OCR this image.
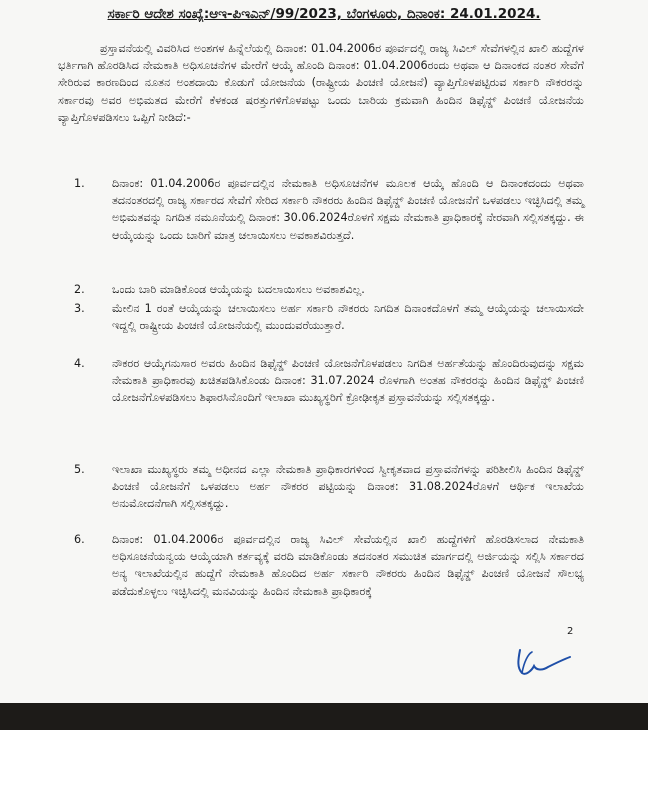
ಸರ್ಕಾರಿ ಆದೇಶ ಸಂಖ್ಯೆ:ಆಇ-ಪಿಇಎನ್/99/2023, ಬೆಂಗಳೂರು, ದಿನಾಂಕ: 24.01.2024.
ಪ್ರಸ್ತಾವನೆಯಲ್ಲಿ ವಿವರಿಸಿದ ಅಂಶಗಳ ಹಿನ್ನೆಲೆಯಲ್ಲಿ ದಿನಾಂಕ: 01.04.2006ರ ಪೂರ್ವದಲ್ಲಿ ರಾಜ್ಯ ಸಿವಿಲ್ ಸೇವೆಗಳಲ್ಲಿನ ಖಾಲಿ ಹುದ್ದೆಗಳ ಭರ್ತಿಗಾಗಿ ಹೊರಡಿಸಿದ ನೇಮಕಾತಿ ಅಧಿಸೂಚನೆಗಳ ಮೇರೆಗೆ ಆಯ್ಕೆ ಹೊಂದಿ ದಿನಾಂಕ: 01.04.2006ರಂದು ಅಥವಾ ಆ ದಿನಾಂಕದ ನಂತರ ಸೇವೆಗೆ ಸೇರಿರುವ ಕಾರಣದಿಂದ ನೂತನ ಅಂಶದಾಯಿ ಕೊಡುಗೆ ಯೋಜನೆಯ (ರಾಷ್ಟ್ರೀಯ ಪಿಂಚಣಿ ಯೋಜನೆ) ವ್ಯಾಪ್ತಿಗೊಳಪಟ್ಟಿರುವ ಸರ್ಕಾರಿ ನೌಕರರನ್ನು ಸರ್ಕಾರವು ಅವರ ಅಭಿಮತದ ಮೇರೆಗೆ ಕೆಳಕಂಡ ಷರತ್ತುಗಳಿಗೊಳಪಟ್ಟು ಒಂದು ಬಾರಿಯ ಕ್ರಮವಾಗಿ ಹಿಂದಿನ ಡಿಫೈನ್ಡ್ ಪಿಂಚಣಿ ಯೋಜನೆಯ ವ್ಯಾಪ್ತಿಗೊಳಪಡಿಸಲು ಒಪ್ಪಿಗೆ ನೀಡಿದೆ:-
1. ದಿನಾಂಕ: 01.04.2006ರ ಪೂರ್ವದಲ್ಲಿನ ನೇಮಕಾತಿ ಅಧಿಸೂಚನೆಗಳ ಮೂಲಕ ಆಯ್ಕೆ ಹೊಂದಿ ಆ ದಿನಾಂಕದಂದು ಅಥವಾ ತದನಂತರದಲ್ಲಿ ರಾಜ್ಯ ಸರ್ಕಾರದ ಸೇವೆಗೆ ಸೇರಿದ ಸರ್ಕಾರಿ ನೌಕರರು ಹಿಂದಿನ ಡಿಫೈನ್ಡ್ ಪಿಂಚಣಿ ಯೋಜನೆಗೆ ಒಳಪಡಲು ಇಚ್ಛಿಸಿದಲ್ಲಿ ತಮ್ಮ ಅಭಿಮತವನ್ನು ನಿಗದಿತ ನಮೂನೆಯಲ್ಲಿ ದಿನಾಂಕ: 30.06.2024ರೊಳಗೆ ಸಕ್ಷಮ ನೇಮಕಾತಿ ಪ್ರಾಧಿಕಾರಕ್ಕೆ ನೇರವಾಗಿ ಸಲ್ಲಿಸತಕ್ಕದ್ದು. ಈ ಆಯ್ಕೆಯನ್ನು ಒಂದು ಬಾರಿಗೆ ಮಾತ್ರ ಚಲಾಯಿಸಲು ಅವಕಾಶವಿರುತ್ತದೆ.
2. ಒಂದು ಬಾರಿ ಮಾಡಿಕೊಂಡ ಆಯ್ಕೆಯನ್ನು ಬದಲಾಯಿಸಲು ಅವಕಾಶವಿಲ್ಲ.
3. ಮೇಲಿನ 1 ರಂತೆ ಆಯ್ಕೆಯನ್ನು ಚಲಾಯಿಸಲು ಅರ್ಹ ಸರ್ಕಾರಿ ನೌಕರರು ನಿಗದಿತ ದಿನಾಂಕದೊಳಗೆ ತಮ್ಮ ಆಯ್ಕೆಯನ್ನು ಚಲಾಯಿಸದೇ ಇದ್ದಲ್ಲಿ ರಾಷ್ಟ್ರೀಯ ಪಿಂಚಣಿ ಯೋಜನೆಯಲ್ಲಿ ಮುಂದುವರೆಯುತ್ತಾರೆ.
4. ನೌಕರರ ಆಯ್ಕೆಗನುಸಾರ ಅವರು ಹಿಂದಿನ ಡಿಫೈನ್ಡ್ ಪಿಂಚಣಿ ಯೋಜನೆಗೊಳಪಡಲು ನಿಗದಿತ ಅರ್ಹತೆಯನ್ನು ಹೊಂದಿರುವುದನ್ನು ಸಕ್ಷಮ ನೇಮಕಾತಿ ಪ್ರಾಧಿಕಾರವು ಖಚಿತಪಡಿಸಿಕೊಂಡು ದಿನಾಂಕ: 31.07.2024 ರೊಳಗಾಗಿ ಅಂತಹ ನೌಕರರನ್ನು ಹಿಂದಿನ ಡಿಫೈನ್ಡ್ ಪಿಂಚಣಿ ಯೋಜನೆಗೊಳಪಡಿಸಲು ಶಿಫಾರಸಿನೊಂದಿಗೆ ಇಲಾಖಾ ಮುಖ್ಯಸ್ಥರಿಗೆ ಕ್ರೋಢೀಕೃತ ಪ್ರಸ್ತಾವನೆಯನ್ನು ಸಲ್ಲಿಸತಕ್ಕದ್ದು.
5. ಇಲಾಖಾ ಮುಖ್ಯಸ್ಥರು ತಮ್ಮ ಅಧೀನದ ಎಲ್ಲಾ ನೇಮಕಾತಿ ಪ್ರಾಧಿಕಾರಗಳಿಂದ ಸ್ವೀಕೃತವಾದ ಪ್ರಸ್ತಾವನೆಗಳನ್ನು ಪರಿಶೀಲಿಸಿ ಹಿಂದಿನ ಡಿಫೈನ್ಡ್ ಪಿಂಚಣಿ ಯೋಜನೆಗೆ ಒಳಪಡಲು ಅರ್ಹ ನೌಕರರ ಪಟ್ಟಿಯನ್ನು ದಿನಾಂಕ: 31.08.2024ರೊಳಗೆ ಆರ್ಥಿಕ ಇಲಾಖೆಯ ಅನುಮೋದನೆಗಾಗಿ ಸಲ್ಲಿಸತಕ್ಕದ್ದು.
6. ದಿನಾಂಕ: 01.04.2006ರ ಪೂರ್ವದಲ್ಲಿನ ರಾಜ್ಯ ಸಿವಿಲ್ ಸೇವೆಯಲ್ಲಿನ ಖಾಲಿ ಹುದ್ದೆಗಳಿಗೆ ಹೊರಡಿಸಲಾದ ನೇಮಕಾತಿ ಅಧಿಸೂಚನೆಯನ್ವಯ ಆಯ್ಕೆಯಾಗಿ ಕರ್ತವ್ಯಕ್ಕೆ ವರದಿ ಮಾಡಿಕೊಂಡು ತದನಂತರ ಸಮುಚಿತ ಮಾರ್ಗದಲ್ಲಿ ಅರ್ಜಿಯನ್ನು ಸಲ್ಲಿಸಿ ಸರ್ಕಾರದ ಅನ್ಯ ಇಲಾಖೆಯಲ್ಲಿನ ಹುದ್ದೆಗೆ ನೇಮಕಾತಿ ಹೊಂದಿದ ಅರ್ಹ ಸರ್ಕಾರಿ ನೌಕರರು ಹಿಂದಿನ ಡಿಫೈನ್ಡ್ ಪಿಂಚಣಿ ಯೋಜನೆ ಸೌಲಭ್ಯ ಪಡೆದುಕೊಳ್ಳಲು ಇಚ್ಛಿಸಿದಲ್ಲಿ ಮನವಿಯನ್ನು ಹಿಂದಿನ ನೇಮಕಾತಿ ಪ್ರಾಧಿಕಾರಕ್ಕೆ
2
